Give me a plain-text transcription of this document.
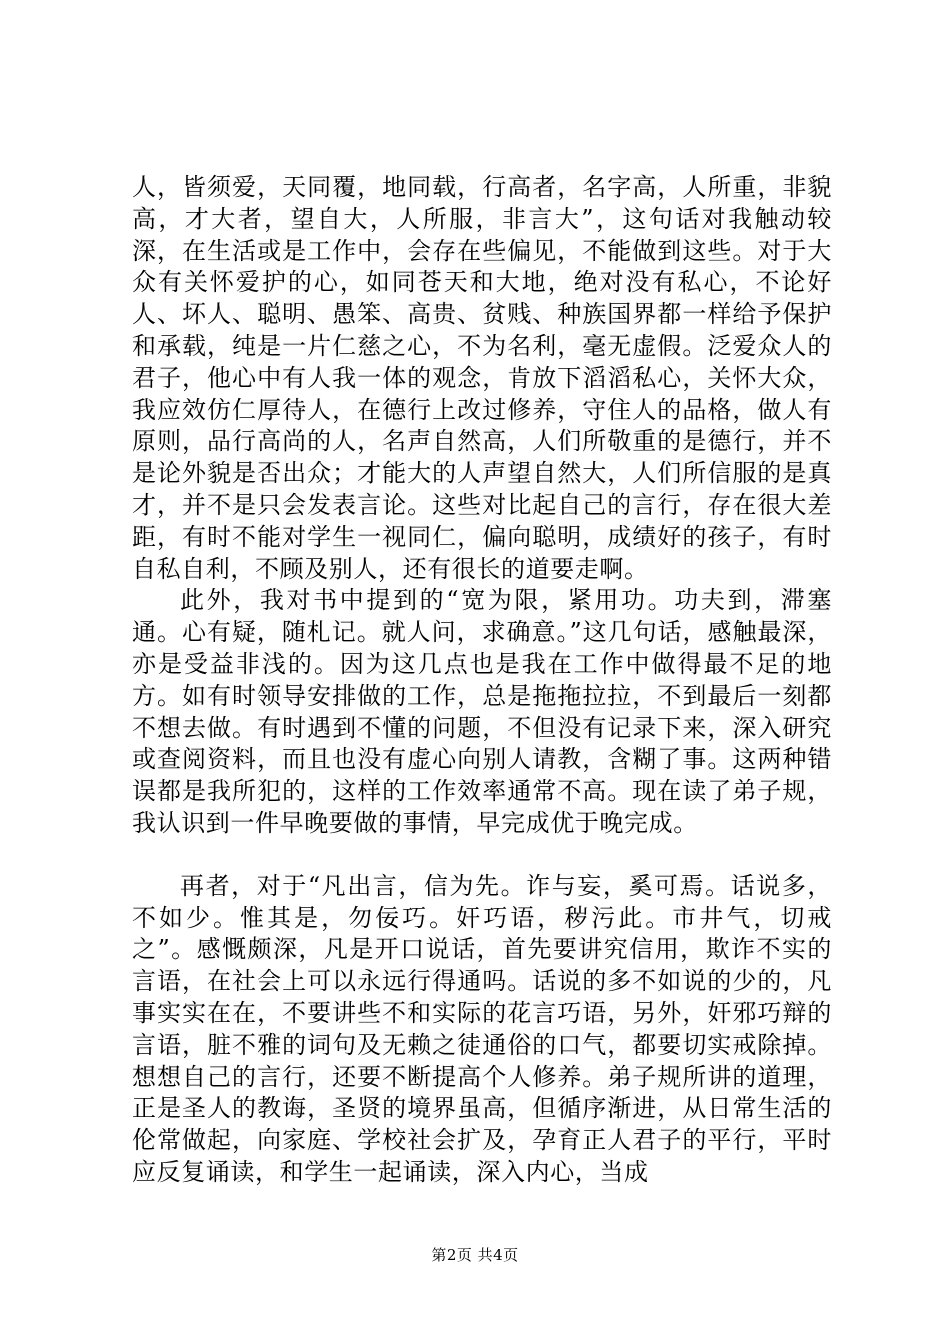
人，皆须爱，天同覆，地同载，行高者，名字高，人所重，非貌高，才大者，望自大，人所服，非言大”，这句话对我触动较深，在生活或是工作中，会存在些偏见，不能做到这些。对于大众有关怀爱护的心，如同苍天和大地，绝对没有私心，不论好人、坏人、聪明、愚笨、高贵、贫贱、种族国界都一样给予保护和承载，纯是一片仁慈之心，不为名利，毫无虚假。泛爱众人的君子，他心中有人我一体的观念，肯放下滔滔私心，关怀大众，我应效仿仁厚待人，在德行上改过修养，守住人的品格，做人有原则，品行高尚的人，名声自然高，人们所敬重的是德行，并不是论外貌是否出众；才能大的人声望自然大，人们所信服的是真才，并不是只会发表言论。这些对比起自己的言行，存在很大差距，有时不能对学生一视同仁，偏向聪明，成绩好的孩子，有时自私自利，不顾及别人，还有很长的道要走啊。

此外，我对书中提到的“宽为限，紧用功。功夫到，滞塞通。心有疑，随札记。就人问，求确意。”这几句话，感触最深，亦是受益非浅的。因为这几点也是我在工作中做得最不足的地方。如有时领导安排做的工作，总是拖拖拉拉，不到最后一刻都不想去做。有时遇到不懂的问题，不但没有记录下来，深入研究或查阅资料，而且也没有虚心向别人请教，含糊了事。这两种错误都是我所犯的，这样的工作效率通常不高。现在读了弟子规，我认识到一件早晚要做的事情，早完成优于晚完成。

再者，对于“凡出言，信为先。诈与妄，奚可焉。话说多，不如少。惟其是，勿佞巧。奸巧语，秽污此。市井气，切戒之”。感慨颇深，凡是开口说话，首先要讲究信用，欺诈不实的言语，在社会上可以永远行得通吗。话说的多不如说的少的，凡事实实在在，不要讲些不和实际的花言巧语，另外，奸邪巧辩的言语，脏不雅的词句及无赖之徒通俗的口气，都要切实戒除掉。想想自己的言行，还要不断提高个人修养。弟子规所讲的道理，正是圣人的教诲，圣贤的境界虽高，但循序渐进，从日常生活的伦常做起，向家庭、学校社会扩及，孕育正人君子的平行，平时应反复诵读，和学生一起诵读，深入内心，当成

第2页 共4页
